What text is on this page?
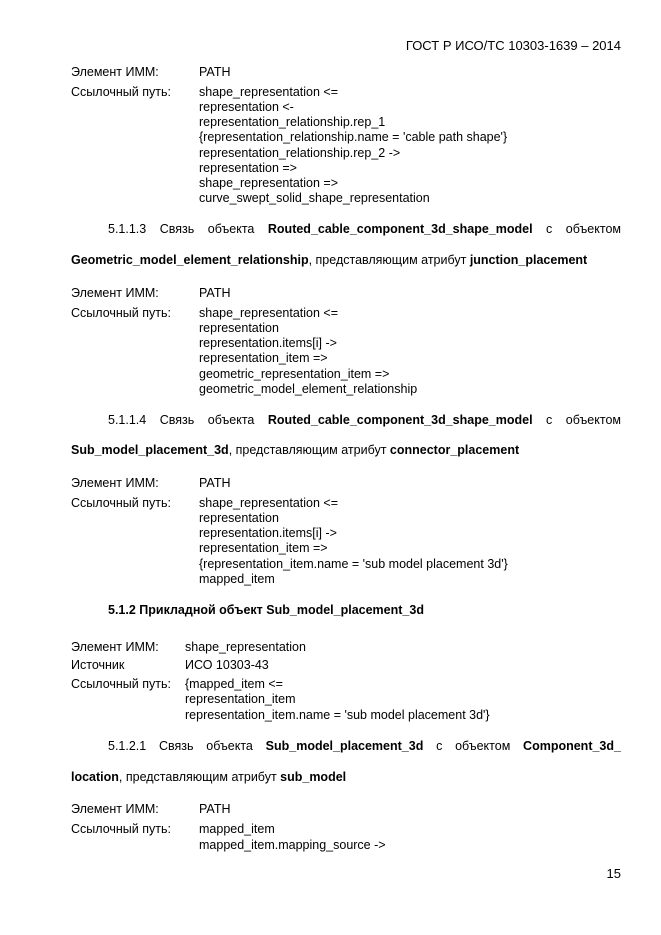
ГОСТ Р ИСО/ТС 10303-1639 – 2014
Элемент ИММ:	PATH
Ссылочный путь: shape_representation <=
representation <-
representation_relationship.rep_1
{representation_relationship.name = 'cable path shape'}
representation_relationship.rep_2 ->
representation =>
shape_representation =>
curve_swept_solid_shape_representation
5.1.1.3 Связь объекта Routed_cable_component_3d_shape_model с объектом
Geometric_model_element_relationship, представляющим атрибут junction_placement
Элемент ИММ:	PATH
Ссылочный путь: shape_representation <=
representation
representation.items[i] ->
representation_item =>
geometric_representation_item =>
geometric_model_element_relationship
5.1.1.4 Связь объекта Routed_cable_component_3d_shape_model с объектом
Sub_model_placement_3d, представляющим атрибут connector_placement
Элемент ИММ:	PATH
Ссылочный путь: shape_representation <=
representation
representation.items[i] ->
representation_item =>
{representation_item.name = 'sub model placement 3d'}
mapped_item
5.1.2 Прикладной объект Sub_model_placement_3d
Элемент ИММ: shape_representation
Источник	ИСО 10303-43
Ссылочный путь: {mapped_item <=
representation_item
representation_item.name = 'sub model placement 3d'}
5.1.2.1 Связь объекта Sub_model_placement_3d с объектом Component_3d_
location, представляющим атрибут sub_model
Элемент ИММ:	PATH
Ссылочный путь: mapped_item
mapped_item.mapping_source ->
15
